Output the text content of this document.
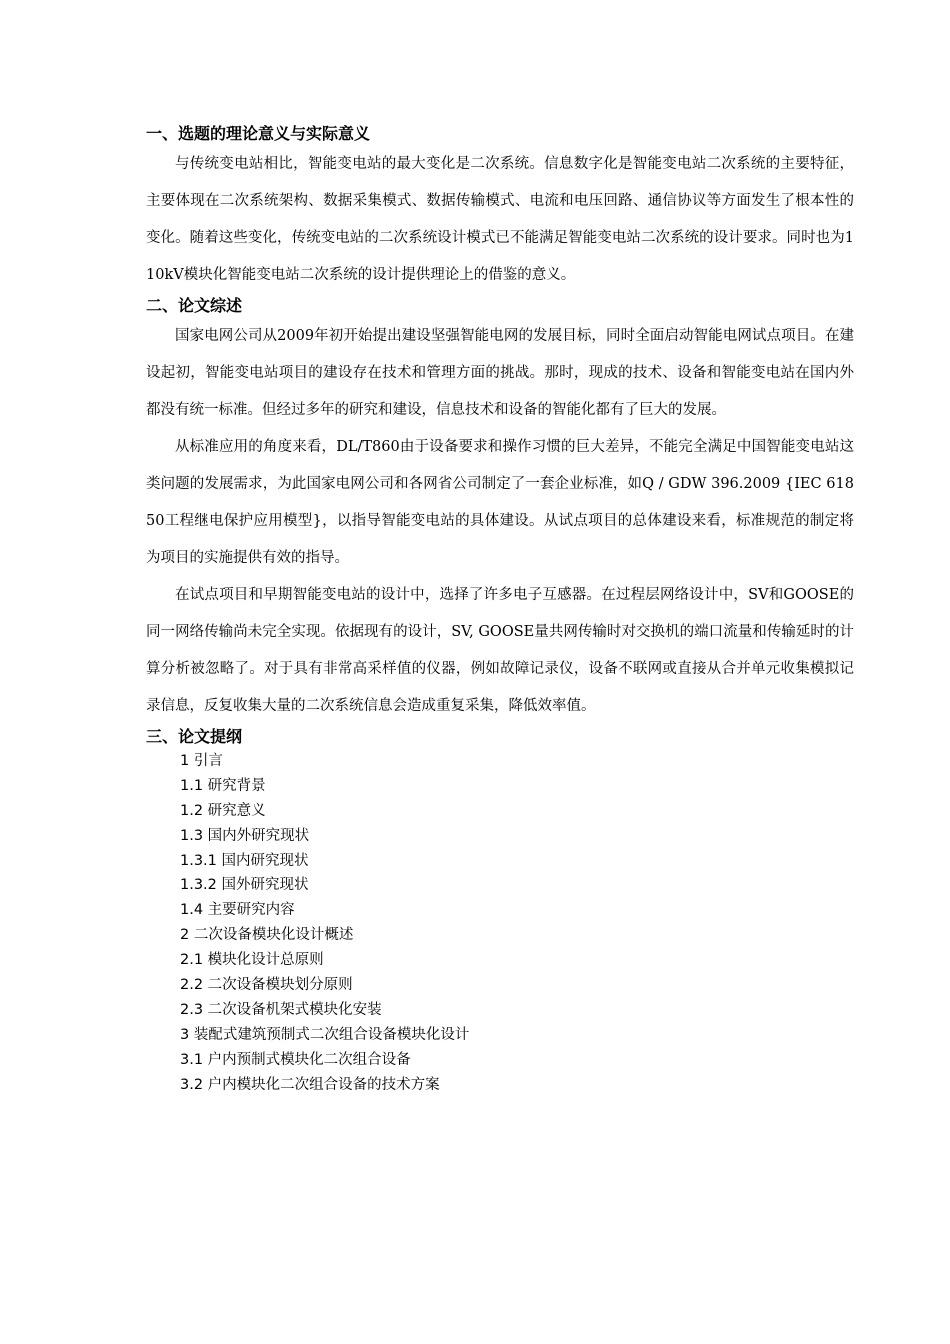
一、选题的理论意义与实际意义

与传统变电站相比，智能变电站的最大变化是二次系统。信息数字化是智能变电站二次系统的主要特征，主要体现在二次系统架构、数据采集模式、数据传输模式、电流和电压回路、通信协议等方面发生了根本性的变化。随着这些变化，传统变电站的二次系统设计模式已不能满足智能变电站二次系统的设计要求。同时也为110kV模块化智能变电站二次系统的设计提供理论上的借鉴的意义。

二、论文综述

国家电网公司从2009年初开始提出建设坚强智能电网的发展目标，同时全面启动智能电网试点项目。在建设起初，智能变电站项目的建设存在技术和管理方面的挑战。那时，现成的技术、设备和智能变电站在国内外都没有统一标准。但经过多年的研究和建设，信息技术和设备的智能化都有了巨大的发展。

从标准应用的角度来看，DL/T860由于设备要求和操作习惯的巨大差异，不能完全满足中国智能变电站这类问题的发展需求，为此国家电网公司和各网省公司制定了一套企业标准，如Q / GDW 396.2009 {IEC 61850工程继电保护应用模型}，以指导智能变电站的具体建设。从试点项目的总体建设来看，标准规范的制定将为项目的实施提供有效的指导。

在试点项目和早期智能变电站的设计中，选择了许多电子互感器。在过程层网络设计中，SV和GOOSE的同一网络传输尚未完全实现。依据现有的设计，SV, GOOSE量共网传输时对交换机的端口流量和传输延时的计算分析被忽略了。对于具有非常高采样值的仪器，例如故障记录仪，设备不联网或直接从合并单元收集模拟记录信息，反复收集大量的二次系统信息会造成重复采集，降低效率值。

三、论文提纲
1 引言
1.1 研究背景
1.2 研究意义
1.3 国内外研究现状
1.3.1 国内研究现状
1.3.2 国外研究现状
1.4 主要研究内容
2 二次设备模块化设计概述
2.1 模块化设计总原则
2.2 二次设备模块划分原则
2.3 二次设备机架式模块化安装
3 装配式建筑预制式二次组合设备模块化设计
3.1 户内预制式模块化二次组合设备
3.2 户内模块化二次组合设备的技术方案
